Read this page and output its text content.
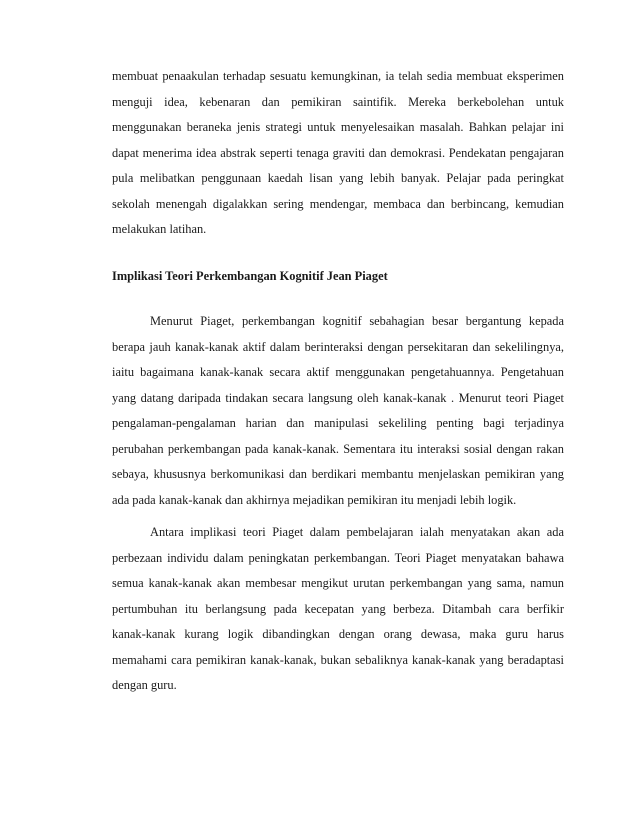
membuat penaakulan terhadap sesuatu kemungkinan, ia telah sedia membuat eksperimen

menguji idea, kebenaran dan pemikiran saintifik. Mereka berkebolehan untuk

menggunakan beraneka jenis strategi untuk menyelesaikan masalah. Bahkan pelajar ini

dapat menerima idea abstrak seperti tenaga graviti dan demokrasi. Pendekatan pengajaran

pula melibatkan penggunaan kaedah lisan yang lebih banyak. Pelajar pada peringkat

sekolah menengah digalakkan sering mendengar, membaca dan berbincang, kemudian

melakukan latihan.

Implikasi Teori Perkembangan Kognitif Jean Piaget

Menurut Piaget, perkembangan kognitif sebahagian besar bergantung kepada

berapa jauh kanak-kanak aktif dalam berinteraksi dengan persekitaran dan sekelilingnya,

iaitu bagaimana kanak-kanak secara aktif menggunakan pengetahuannya. Pengetahuan

yang datang daripada tindakan secara langsung oleh kanak-kanak . Menurut teori Piaget

pengalaman-pengalaman harian dan manipulasi sekeliling penting bagi terjadinya

perubahan perkembangan pada kanak-kanak. Sementara itu interaksi sosial dengan rakan

sebaya, khususnya berkomunikasi dan berdikari membantu menjelaskan pemikiran yang

ada pada kanak-kanak dan akhirnya mejadikan pemikiran itu menjadi lebih logik.

Antara implikasi teori Piaget dalam pembelajaran ialah menyatakan akan ada

perbezaan individu dalam peningkatan perkembangan. Teori Piaget menyatakan bahawa

semua kanak-kanak akan membesar mengikut urutan perkembangan yang sama, namun

pertumbuhan itu berlangsung pada kecepatan yang berbeza. Ditambah cara berfikir

kanak-kanak kurang logik dibandingkan dengan orang dewasa, maka guru harus

memahami cara pemikiran kanak-kanak, bukan sebaliknya kanak-kanak yang beradaptasi

dengan guru.
